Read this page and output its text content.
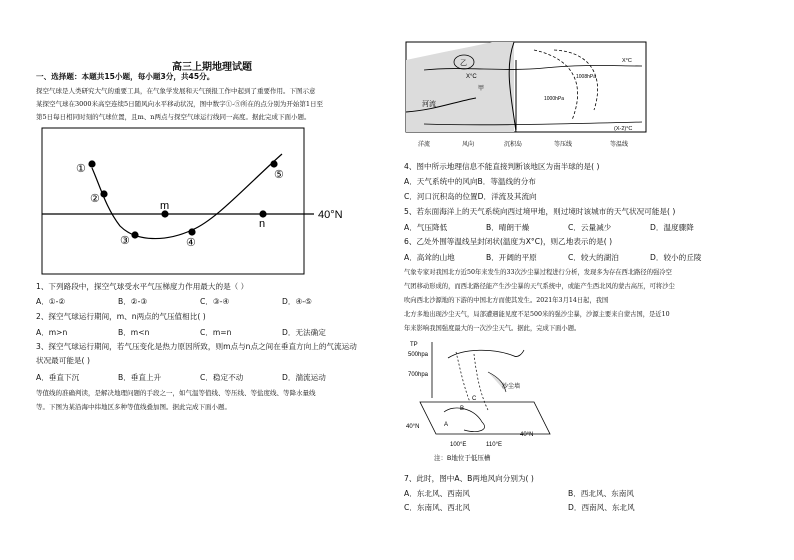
高三上期地理试题
一、选择题：本题共15小题，每小题3分，共45分。
探空气球是人类研究大气的重要工具，在气象学发展和天气预报工作中起到了重要作用。下图示意
某探空气球在3000米高空连续5日随风向水平移动状况，图中数字①-⑤所在的点分别为开始第1日至
第5日每日相同时刻的气球位置，且m、n两点与探空气球运行线同一高度。据此完成下面小题。
①
②
③	④
⑤
m
n
40°N
1、下列路段中，探空气球受水平气压梯度力作用最大的是（ ）
A．①-②	B．②-③	C．③-④	D．④-⑤
2、探空气球运行期间，m、n两点的气压值相比( )
A．m>n	B．m<n	C．m=n	D．无法确定
3、探空气球运行期间，若气压变化是热力原因所致，则m点与n点之间在垂直方向上的气流运动
状况最可能是( )
A．垂直下沉	B．垂直上升	C．稳定不动	D．湍流运动
等值线的准确判读，是解决地理问题的手段之一，如气温等值线、等压线、等盐度线、等降水量线
等。下图为某沿海中纬地区多种等值线叠加图。据此完成下面小题。
乙
X°C
甲
河流
1008hPa
1000hPa
X°C
(X-2)°C
洋流	风向	沉积岛	等压线	等温线
4、图中所示地理信息不能直接判断该地区为南半球的是( )
A．天气系统中的风向B．等温线的分布
C．河口沉积岛的位置D．洋流及其流向
5、若东面海洋上的天气系统向西过境甲地，则过境时该城市的天气状况可能是( )
A．气压降低	B．晴朗干燥	C．云量减少	D．温度骤降
6、乙处外围等温线呈封闭状(温度为X°C)，则乙地表示的是( )
A．高耸的山地	B．开阔的平原	C．较大的湖泊	D．较小的丘陵
气象专家对我国北方近50年来发生的33次沙尘暴过程进行分析，发现多为存在西北路径的强冷空
气团移动形成的，而西北路径能产生沙尘暴的天气系统中，或能产生西北风的蒙古高压，可将沙尘
吹向西北沙源地的下游的中国北方而使其发生。2021年3月14日起，我国
北方多地出现沙尘天气，局部遭遇能见度不足500米的强沙尘暴，沙源主要来自蒙古国，是近10
年来影响我国强度最大的一次沙尘天气。据此，完成下面小题。
TP
500hpa
700hpa
沙尘墙
C
B
A
40°N
40°N
100°E	110°E
注：B地位于低压槽
7、此时，图中A、B两地风向分别为( )
A．东北风、西南风	B．西北风、东南风
C．东南风、西北风	D．西南风、东北风
